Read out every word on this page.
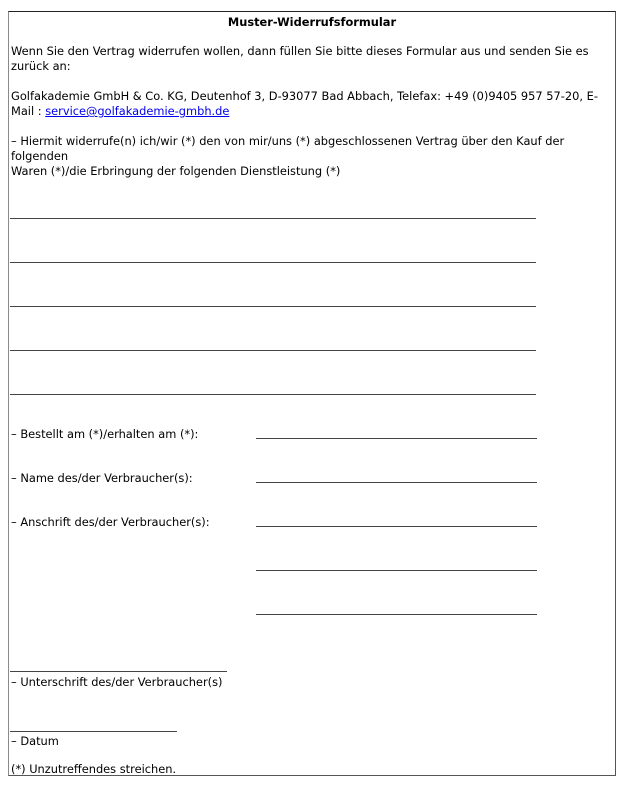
Muster-Widerrufsformular
Wenn Sie den Vertrag widerrufen wollen, dann füllen Sie bitte dieses Formular aus und senden Sie es
zurück an:
Golfakademie GmbH & Co. KG, Deutenhof 3, D-93077 Bad Abbach, Telefax: +49 (0)9405 957 57-20, E-
Mail : service@golfakademie-gmbh.de
– Hiermit widerrufe(n) ich/wir (*) den von mir/uns (*) abgeschlossenen Vertrag über den Kauf der
folgenden
Waren (*)/die Erbringung der folgenden Dienstleistung (*)
– Bestellt am (*)/erhalten am (*):
– Name des/der Verbraucher(s):
– Anschrift des/der Verbraucher(s):
– Unterschrift des/der Verbraucher(s)
– Datum
(*) Unzutreffendes streichen.
